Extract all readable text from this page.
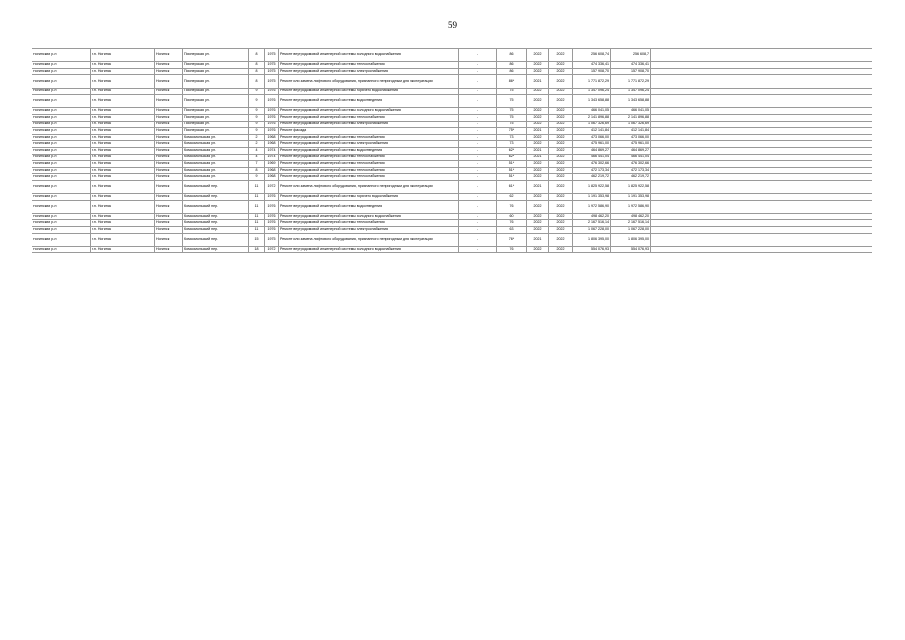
59
Ногинский р-н	г.п. Ногинск	Ногинск	Пионерская ул.	8	1975	Ремонт внутридомовой инженерной системы холодного водоснабжения	-	86	2022	2022	256 608,74	256 608,7
Ногинский р-н	г.п. Ногинск	Ногинск	Пионерская ул.	8	1975	Ремонт внутридомовой инженерной системы теплоснабжения	-	86	2022	2022	474 336,41	474 336,41
Ногинский р-н	г.п. Ногинск	Ногинск	Пионерская ул.	8	1975	Ремонт внутридомовой инженерной системы электроснабжения	-	86	2022	2022	157 908,70	157 908,70
Ногинский р-н	г.п. Ногинск	Ногинск	Пионерская ул.	8	1975	Ремонт или замена лифтового оборудования, признанного непригодным для эксплуатации	-	86*	2021	2022	1 771 872,29	1 771 872,29
Ногинский р-н	г.п. Ногинск	Ногинск	Пионерская ул.	9	1976	Ремонт внутридомовой инженерной системы горячего водоснабжения	-	75	2022	2022	1 347 096,24	1 347 096,24
Ногинский р-н	г.п. Ногинск	Ногинск	Пионерская ул.	9	1976	Ремонт внутридомовой инженерной системы водоотведения	-	75	2022	2022	1 343 658,88	1 343 658,88
Ногинский р-н	г.п. Ногинск	Ногинск	Пионерская ул.	9	1976	Ремонт внутридомовой инженерной системы холодного водоснабжения	-	75	2022	2022	466 041,05	466 041,05
Ногинский р-н	г.п. Ногинск	Ногинск	Пионерская ул.	9	1976	Ремонт внутридомовой инженерной системы теплоснабжения	-	75	2022	2022	2 141 896,88	2 141 896,88
Ногинский р-н	г.п. Ногинск	Ногинск	Пионерская ул.	9	1976	Ремонт внутридомовой инженерной системы электроснабжения	-	75	2022	2022	1 067 326,69	1 067 326,69
Ногинский р-н	г.п. Ногинск	Ногинск	Пионерская ул.	9	1976	Ремонт фасада	-	75*	2021	2022	412 141,84	412 141,84
Ногинский р-н	г.п. Ногинск	Ногинск	Комсомольская ул.	2	1968	Ремонт внутридомовой инженерной системы теплоснабжения	-	73	2022	2022	473 066,00	473 066,00
Ногинский р-н	г.п. Ногинск	Ногинск	Комсомольская ул.	2	1968	Ремонт внутридомовой инженерной системы электроснабжения	-	73	2022	2022	475 961,00	475 961,00
Ногинский р-н	г.п. Ногинск	Ногинск	Комсомольская ул.	4	1974	Ремонт внутридомовой инженерной системы водоотведения	-	62*	2021	2022	464 869,27	464 869,27
Ногинский р-н	г.п. Ногинск	Ногинск	Комсомольская ул.	4	1974	Ремонт внутридомовой инженерной системы теплоснабжения	-	62*	2021	2022	466 441,04	466 441,04
Ногинский р-н	г.п. Ногинск	Ногинск	Комсомольская ул.	7	1969	Ремонт внутридомовой инженерной системы теплоснабжения	-	51*	2022	2022	476 302,66	476 302,66
Ногинский р-н	г.п. Ногинск	Ногинск	Комсомольская ул.	8	1968	Ремонт внутридомовой инженерной системы теплоснабжения	-	51*	2022	2022	472 173,34	472 173,34
Ногинский р-н	г.п. Ногинск	Ногинск	Комсомольская ул.	9	1968	Ремонт внутридомовой инженерной системы теплоснабжения	-	51*	2022	2022	462 219,72	462 219,72
Ногинский р-н	г.п. Ногинск	Ногинск	Комсомольский пер.	11	1972	Ремонт или замена лифтового оборудования, признанного непригодным для эксплуатации	-	61*	2021	2022	1 825 922,58	1 825 922,58
Ногинский р-н	г.п. Ногинск	Ногинск	Комсомольский пер.	11	1976	Ремонт внутридомовой инженерной системы горячего водоснабжения	-	62	2022	2022	1 191 353,98	1 191 353,98
Ногинский р-н	г.п. Ногинск	Ногинск	Комсомольский пер.	11	1976	Ремонт внутридомовой инженерной системы водоотведения	-	76	2022	2022	1 972 586,90	1 972 586,90
Ногинский р-н	г.п. Ногинск	Ногинск	Комсомольский пер.	11	1976	Ремонт внутридомовой инженерной системы холодного водоснабжения	-	60	2022	2022	498 462,20	498 462,20
Ногинский р-н	г.п. Ногинск	Ногинск	Комсомольский пер.	11	1976	Ремонт внутридомовой инженерной системы теплоснабжения	-	76	2022	2022	2 167 516,14	2 167 516,14
Ногинский р-н	г.п. Ногинск	Ногинск	Комсомольский пер.	11	1976	Ремонт внутридомовой инженерной системы электроснабжения	-	63	2022	2022	1 067 228,00	1 067 228,00
Ногинский р-н	г.п. Ногинск	Ногинск	Комсомольский пер.	15	1975	Ремонт или замена лифтового оборудования, признанного непригодным для эксплуатации	-	76*	2021	2022	1 806 395,00	1 806 395,00
Ногинский р-н	г.п. Ногинск	Ногинск	Комсомольский пер.	18	1972	Ремонт внутридомовой инженерной системы холодного водоснабжения	-	76	2022	2022	554 076,93	554 076,93
